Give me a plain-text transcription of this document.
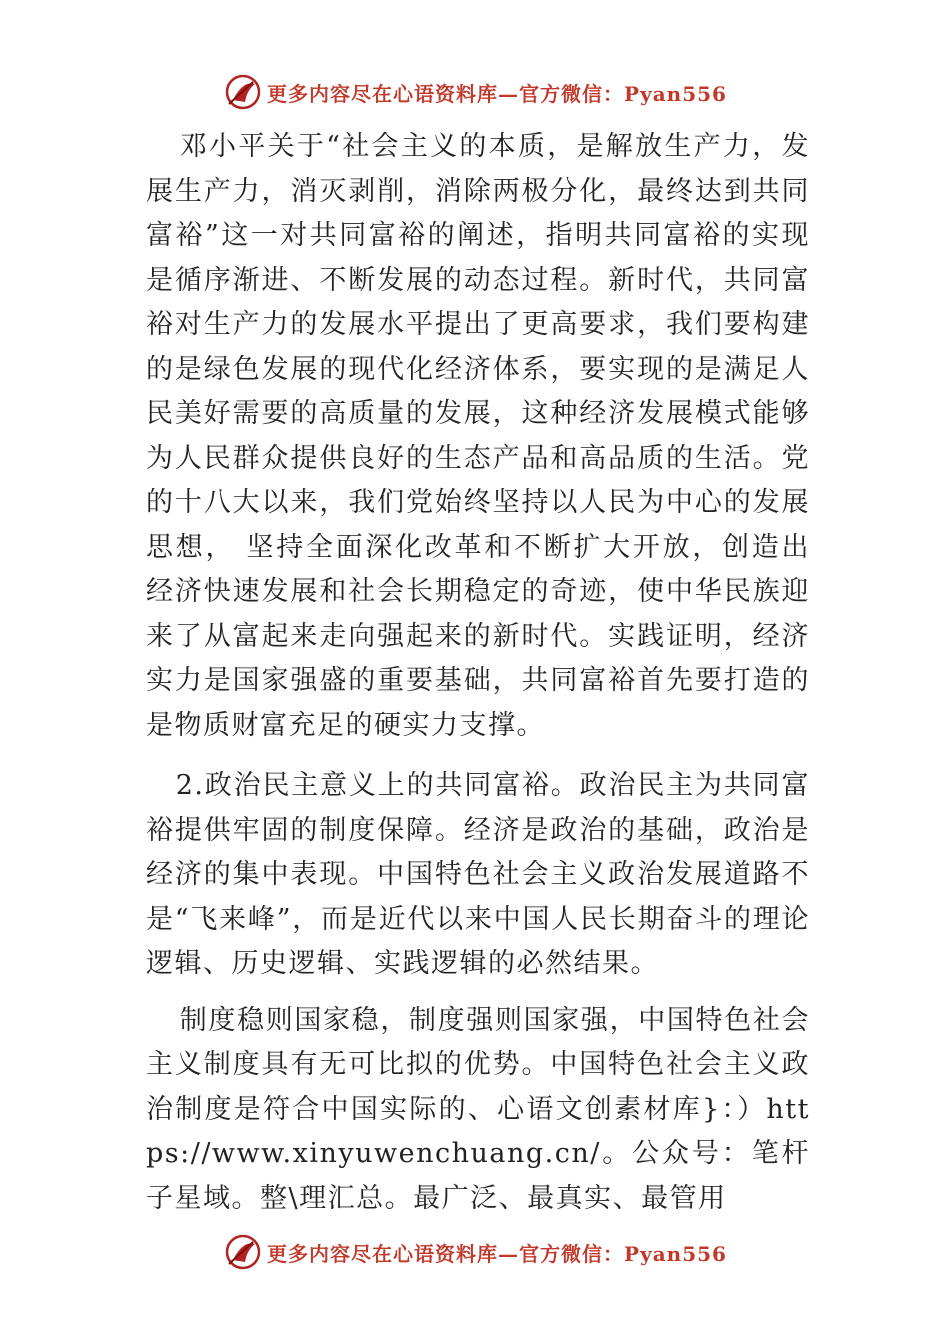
更多内容尽在心语资料库—官方微信：Pyan556

邓小平关于“社会主义的本质，是解放生产力，发展生产力，消灭剥削，消除两极分化，最终达到共同富裕”这一对共同富裕的阐述，指明共同富裕的实现是循序渐进、不断发展的动态过程。新时代，共同富裕对生产力的发展水平提出了更高要求，我们要构建的是绿色发展的现代化经济体系，要实现的是满足人民美好需要的高质量的发展，这种经济发展模式能够为人民群众提供良好的生态产品和高品质的生活。党的十八大以来，我们党始终坚持以人民为中心的发展思想， 坚持全面深化改革和不断扩大开放，创造出经济快速发展和社会长期稳定的奇迹，使中华民族迎来了从富起来走向强起来的新时代。实践证明，经济实力是国家强盛的重要基础，共同富裕首先要打造的是物质财富充足的硬实力支撑。

2.政治民主意义上的共同富裕。政治民主为共同富裕提供牢固的制度保障。经济是政治的基础，政治是经济的集中表现。中国特色社会主义政治发展道路不是“飞来峰”，而是近代以来中国人民长期奋斗的理论逻辑、历史逻辑、实践逻辑的必然结果。

制度稳则国家稳，制度强则国家强，中国特色社会主义制度具有无可比拟的优势。中国特色社会主义政治制度是符合中国实际的、心语文创素材库}：）https://www.xinyuwenchuang.cn/。公众号：笔杆子星域。整\理汇总。最广泛、最真实、最管用

更多内容尽在心语资料库—官方微信：Pyan556
